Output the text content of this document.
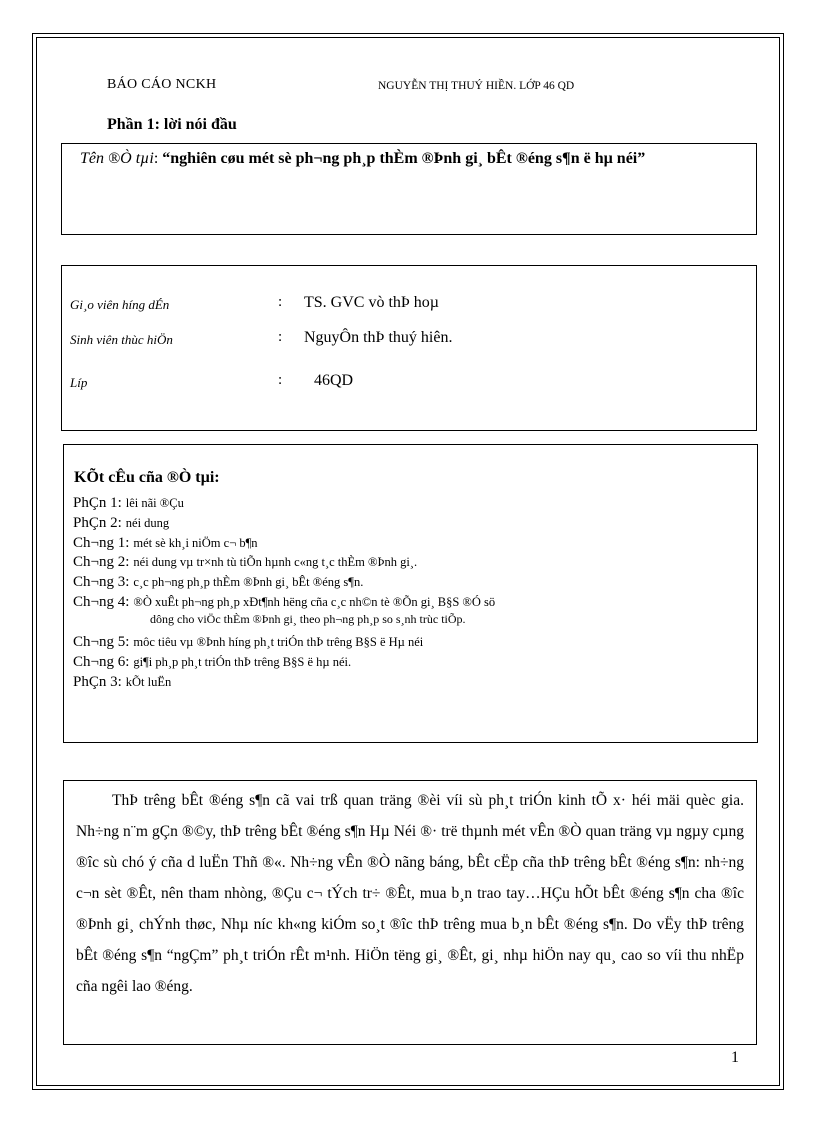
BÁO CÁO NCKH	NGUYỄN THỊ THUÝ HIỀN. LỚP 46 QD
Phần 1: lời nói đầu
Tên ®Ò tµi: “nghiên cøu mét sè ph¬ng ph¸p thÈm ®Þnh gi¸ bÊt ®éng s¶n ë hµ néi”
Gi¸o viên híng dÉn	: TS. GVC vò thÞ hoµ
Sinh viên thùc hiÖn	: NguyÔn thÞ thuý hiên.
Líp	: 46QD
KÕt cÊu cña ®Ò tµi:
PhÇn 1: lêi nãi ®Çu
PhÇn 2: néi dung
Ch¬ng 1: mét sè kh¸i niÖm c¬ b¶n
Ch¬ng 2: néi dung vµ tr×nh tù tiÕn hµnh c«ng t¸c thÈm ®Þnh gi¸.
Ch¬ng 3: c¸c ph¬ng ph¸p thÈm ®Þnh gi¸ bÊt ®éng s¶n.
Ch¬ng 4: ®Ò xuÊt ph¬ng ph¸p xÐt¶nh hëng cña c¸c nh©n tè ®Õn gi¸ B§S ®Ó sö
dông cho viÖc thÈm ®Þnh gi¸ theo ph¬ng ph¸p so s¸nh trùc tiÕp.
Ch¬ng 5: môc tiêu vµ ®Þnh híng ph¸t triÓn thÞ trêng B§S ë Hµ néi
Ch¬ng 6: gi¶i ph¸p ph¸t triÓn thÞ trêng B§S ë hµ néi.
PhÇn 3: kÕt luËn

ThÞ trêng bÊt ®éng s¶n cã vai trß quan träng ®èi víi sù ph¸t triÓn kinh tÕ x· héi mäi quèc gia. Nh÷ng n¨m gÇn ®©y, thÞ trêng bÊt ®éng s¶n Hµ Néi ®· trë thµnh mét vÊn ®Ò quan träng vµ ngµy cµng ®îc sù chó ý cña d luËn Thñ ®«. Nh÷ng vÊn ®Ò nãng báng, bÊt cËp cña thÞ trêng bÊt ®éng s¶n: nh÷ng c¬n sèt ®Êt, nên tham nhòng, ®Çu c¬ tÝch tr÷ ®Êt, mua b¸n trao tay…HÇu hÕt bÊt ®éng s¶n cha ®îc ®Þnh gi¸ chÝnh thøc, Nhµ níc kh«ng kiÓm so¸t ®îc thÞ trêng mua b¸n bÊt ®éng s¶n. Do vËy thÞ trêng bÊt ®éng s¶n “ngÇm” ph¸t triÓn rÊt m¹nh. HiÖn tëng gi¸ ®Êt, gi¸ nhµ hiÖn nay qu¸ cao so víi thu nhËp cña ngêi lao ®éng.

1
